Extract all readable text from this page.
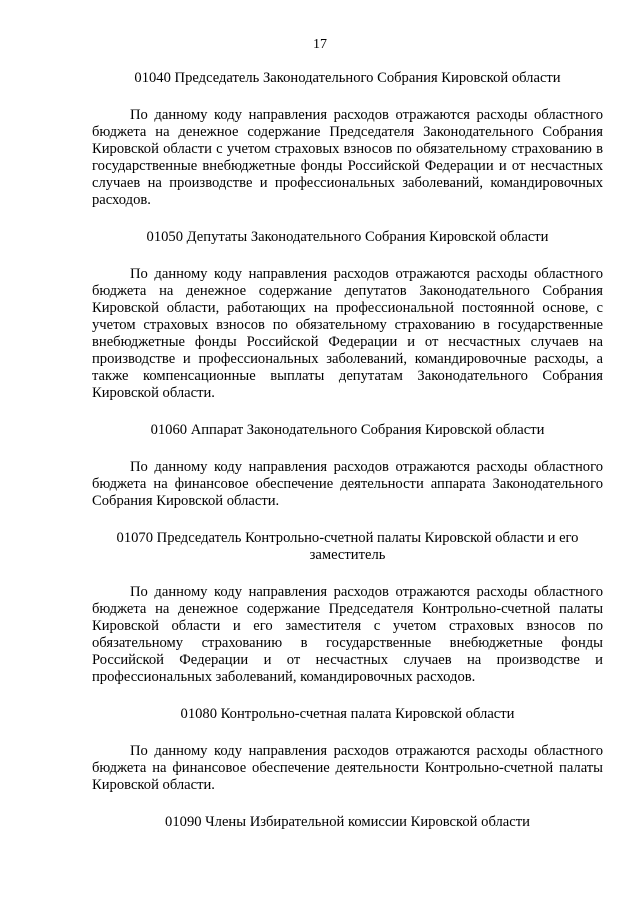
17

01040 Председатель Законодательного Собрания Кировской области

По данному коду направления расходов отражаются расходы областного бюджета на денежное содержание Председателя Законодательного Собрания Кировской области с учетом страховых взносов по обязательному страхованию в государственные внебюджетные фонды Российской Федерации и от несчастных случаев на производстве и профессиональных заболеваний, командировочных расходов.

01050 Депутаты Законодательного Собрания Кировской области

По данному коду направления расходов отражаются расходы областного бюджета на денежное содержание депутатов Законодательного Собрания Кировской области, работающих на профессиональной постоянной основе, с учетом страховых взносов по обязательному страхованию в государственные внебюджетные фонды Российской Федерации и от несчастных случаев на производстве и профессиональных заболеваний, командировочные расходы, а также компенсационные выплаты депутатам Законодательного Собрания Кировской области.

01060 Аппарат Законодательного Собрания Кировской области

По данному коду направления расходов отражаются расходы областного бюджета на финансовое обеспечение деятельности аппарата Законодательного Собрания Кировской области.

01070 Председатель Контрольно-счетной палаты Кировской области и его заместитель

По данному коду направления расходов отражаются расходы областного бюджета на денежное содержание Председателя Контрольно-счетной палаты Кировской области и его заместителя с учетом страховых взносов по обязательному страхованию в государственные внебюджетные фонды Российской Федерации и от несчастных случаев на производстве и профессиональных заболеваний, командировочных расходов.

01080 Контрольно-счетная палата Кировской области

По данному коду направления расходов отражаются расходы областного бюджета на финансовое обеспечение деятельности Контрольно-счетной палаты Кировской области.

01090 Члены Избирательной комиссии Кировской области
